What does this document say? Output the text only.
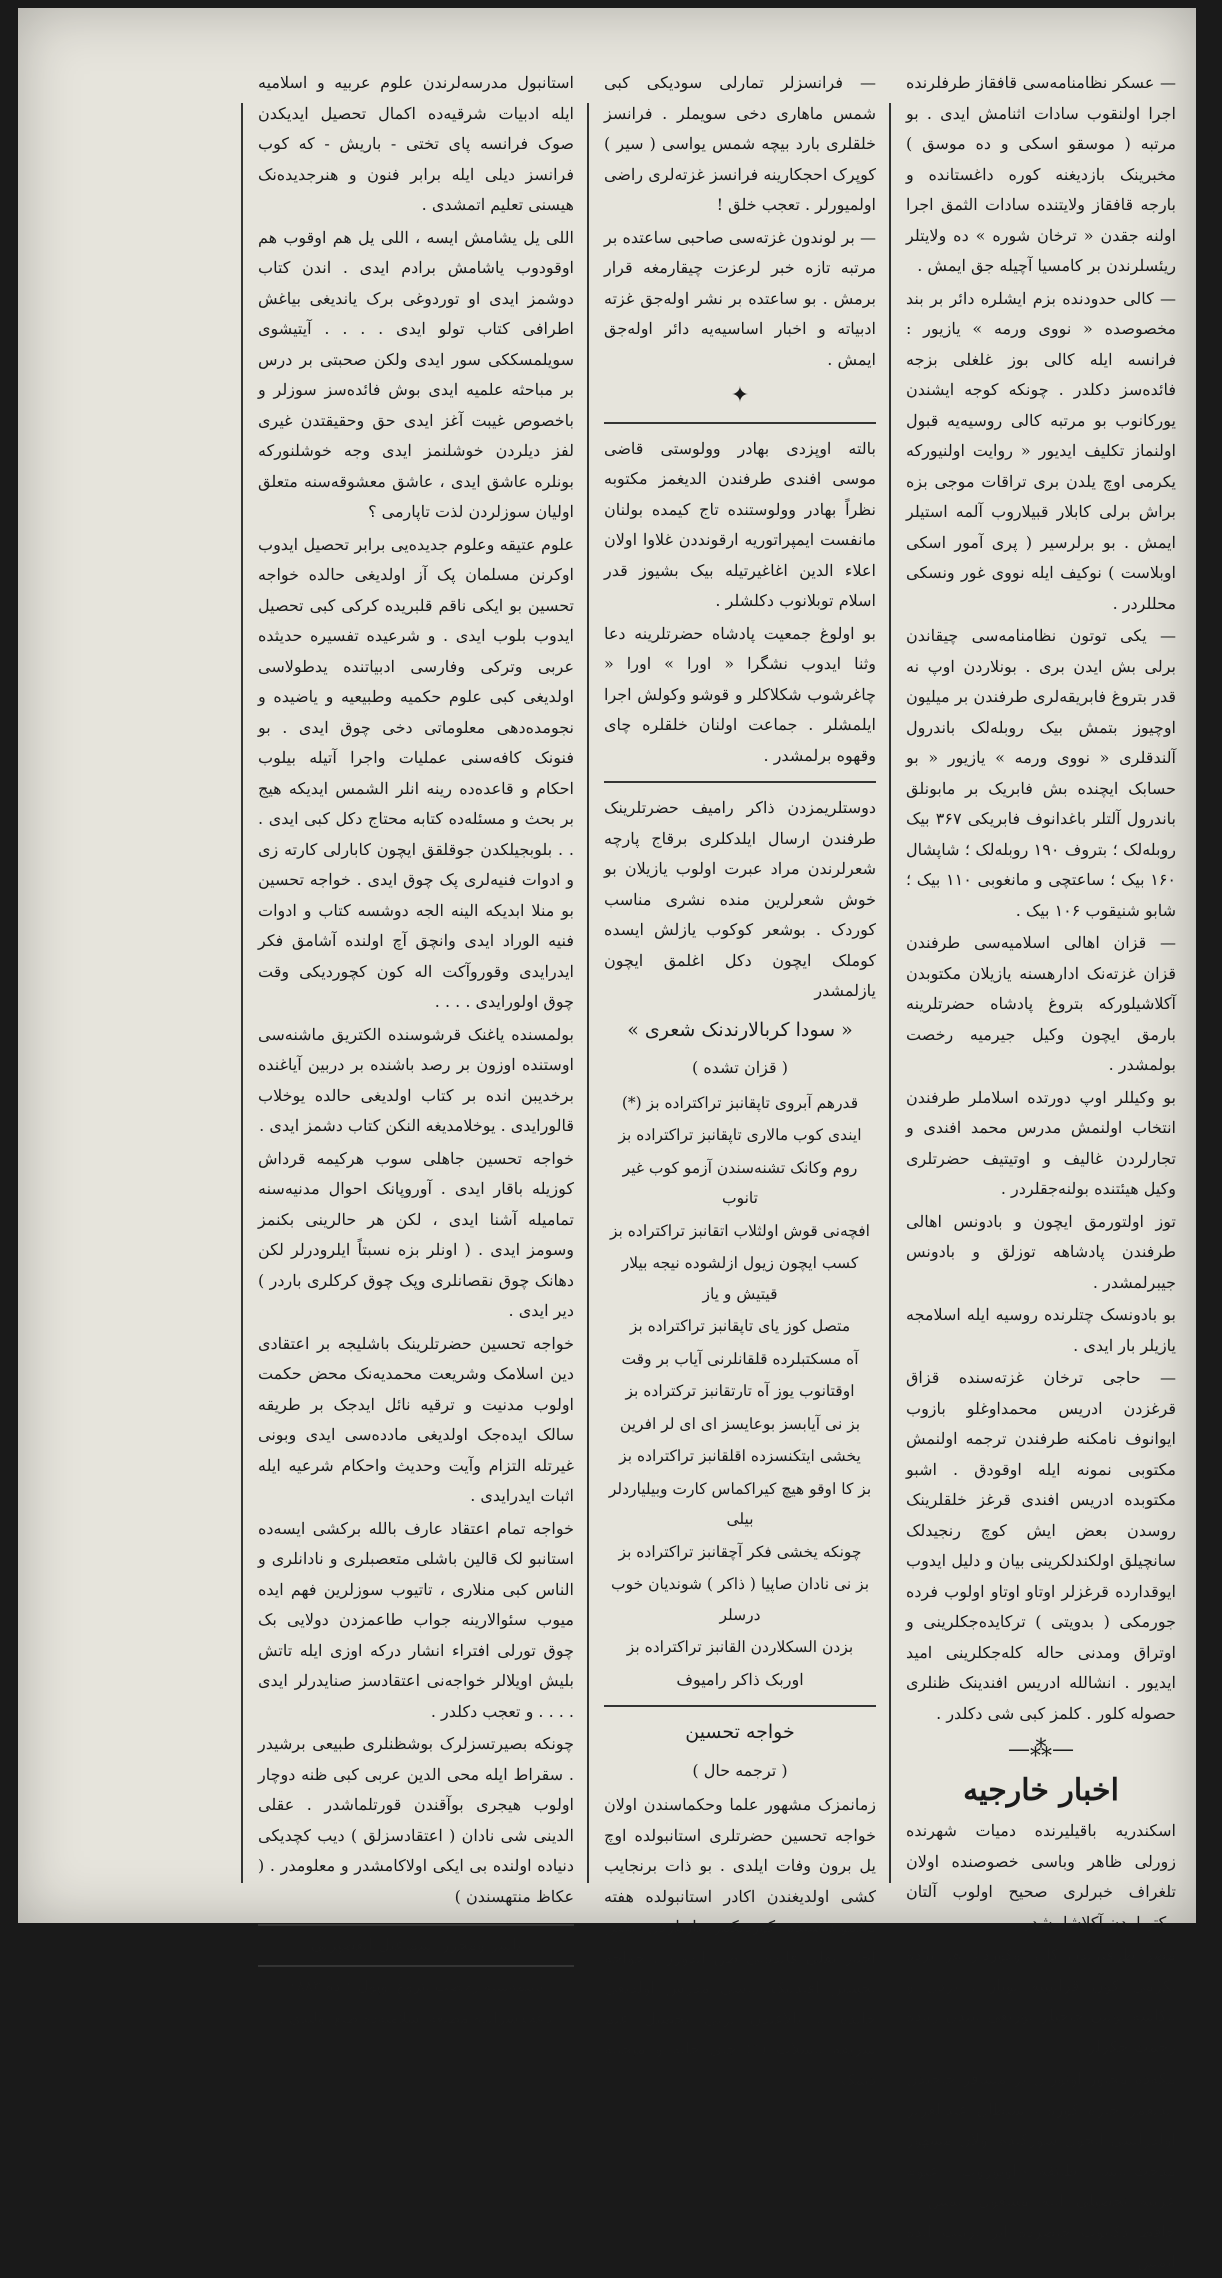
— عسکر نظامنامه‌سی قافقاز طرفلرنده اجرا اولنقوب سادات اثنامش ایدی . بو مرتبه ( موسقو اسکی و ده موسق ) مخبرینک بازدیغنه کوره داغستانده و بارجه قافقاز ولایتنده سادات الثمق اجرا اولنه جقدن « ترخان شوره » ده ولایتلر ریئسلرندن بر کامسیا آچیله جق ایمش .

— کالی حدودنده بزم ایشلره دائر بر بند مخصوصده « نووی ورمه » یازیور : فرانسه ایله کالی بوز غلغلی بزجه فائده‌سز دکلدر . چونکه کوجه ایشندن یورکانوب بو مرتبه کالی روسیه‌یه قبول اولنماز تکلیف ایدیور « روایت اولنیورکه یکرمی اوچ یلدن بری تراقات موجی بزه براش برلی کابلار قبیلاروب آلمه استیلر ایمش . بو برلرسیر ( پری آمور اسکی اوبلاست ) نوکیف ایله نووی غور ونسکی محللردر .

— یکی توتون نظامنامه‌سی چیقاندن برلی بش ایدن بری . بونلاردن اوپ نه قدر بتروغ فابریقه‌لری طرفندن بر میلیون اوچیوز بتمش بیک روبله‌لک باندرول آلندقلری « نووی ورمه » یازیور « بو حسابک ایچنده بش فابریک بر مابونلق باندرول آلتلر باغدانوف فابریکی ۳۶۷ بیک روبله‌لک ؛ بتروف ۱۹۰ روبله‌لک ؛ شاپشال ۱۶۰ بیک ؛ ساعتچی و مانغوبی ۱۱۰ بیک ؛ شابو شنیقوب ۱۰۶ بیک .

— قزان اهالی اسلامیه‌سی طرفندن قزان غزته‌نک ادارهسنه یازیلان مکتوبدن آکلاشیلورکه بتروغ پادشاه حضرتلرینه بارمق ایچون وکیل جیرمیه رخصت بولمشدر .

بو وکیللر اوپ دورتده اسلاملر طرفندن انتخاب اولنمش مدرس محمد افندی و تجارلردن غالیف و اوتیتیف حضرتلری وکیل هیئتنده بولنه‌جقلردر .

توز اولتورمق ایچون و بادونس اهالی طرفندن پادشاهه توزلق و بادونس جیبرلمشدر .

بو بادونسک چتلرنده روسیه ایله اسلامجه یازیلر بار ایدی .

— حاجی ترخان غزته‌سنده قزاق قرغزدن ادریس محمداوغلو بازوب ایوانوف نامکنه طرفندن ترجمه اولنمش مکتوبی نمونه ایله اوقودق . اشبو مکتوبده ادریس افندی قرغز خلقلرینک روسدن بعض ایش کوچ رنجیدلک سانچیلق اولکندلکرینی بیان و دلیل ایدوب ایوقدارده قرغزلر اوتاو اوتاو اولوب فرده جورمکی ( بدویتی ) ترکایده‌جکلرینی و اوتراق ومدنی حاله کله‌جکلرینی امید ایدیور . انشالله ادریس افندینک ظنلری حصوله کلور . کلمز کبی شی دکلدر .

—⁂—
اخبار خارجیه

اسکندریه باقیلیرنده دمیات شهرنده زورلی ظاهر وباسی خصوصنده اولان تلغراف خبرلری صحیح اولوب آلتان مکتوبلردن آکلاشلمشدر .

مصر طرفلرندن کان اوکوردار هر پرده یکرمی کون قرانتینه توتار . تزدن و باکاسه بولیل حاجیلر یورنغی پیلدن زیاده زحمت چکرلر .

مکه‌ده مجاور اوتوران بر مسافر حاجیدن آلدیغمز خبره کوره ، سلطان عبدالعزیز اولدرلسی ایچون سورکنده اولان مشهور مدحت پاشا « طائفه » اوتوروب « علوم عربیه تحصیلی ایله مشغول ایمش » حافظ دکانوب حاضرده اثر ترتیب ایده ایمش .

— فرانسزلر تمارلی سودیکی کبی شمس ماهاری دخی سویملر . فرانسز خلقلری بارد بیچه شمس یواسی ( سیر ) کوپرک احجکارینه فرانسز غزته‌لری راضی اولمیورلر . تعجب خلق !

— بر لوندون غزته‌سی صاحبی ساعتده بر مرتبه تازه خبر لرعزت چیقارمغه قرار برمش . بو ساعتده بر نشر اوله‌جق غزته ادبیاته و اخبار اساسیه‌یه دائر اوله‌جق ایمش .

✦

بالته اوپزدی بهادر وولوستی قاضی موسی افندی طرفندن الدیغمز مکتوبه نظراً بهادر وولوستنده تاج کیمده بولنان مانفست ایمپراتوریه ارقونددن غلاوا اولان اعلاء الدین اغاغیرتیله بیک بشیوز قدر اسلام توبلانوب دکلشلر .

بو اولوغ جمعیت پادشاه حضرتلرینه دعا وثنا ایدوب نشگرا « اورا » اورا « چاغرشوب شکلاکلر و قوشو وکولش اجرا ایلمشلر . جماعت اولنان خلقلره چای وقهوه برلمشدر .

دوستلریمزدن ذاکر رامیف حضرتلرینک طرفندن ارسال ایلدکلری برقاج پارچه شعرلرندن مراد عبرت اولوب یازیلان بو خوش شعرلرین منده نشری مناسب کوردک . بوشعر کوکوب یازلش ایسده کوملک ایچون دکل اغلمق ایچون یازلمشدر

« سودا کربالارندنک شعری »
( قزان تشده )

قدرهم آبروی تاپقانبز تراکتراده بز (*)

ایندی کوب مالاری تاپقانبز تراکتراده بز

روم وکانک تشنه‌سندن آزمو کوب غیر تانوب

افچه‌نی قوش اولثلاب اتقانبز تراکتراده بز

کسب ایچون زیول ازلشوده نیجه بیلار قیتیش و یاز

متصل کوز یای تاپقانبز تراکتراده بز

آه مسکتبلرده قلقانلرنی آیاب بر وقت

اوقتانوب یوز آه تارتقانبز ترکتراده بز

بز نی آیابسز بوعایسز ای ای لر افرین

یخشی ایتکنسزده اقلقانبز تراکتراده بز

بز کا اوقو هیچ کیراکماس کارت وبیلیاردلر بیلی

چونکه یخشی فکر آچقانبز تراکتراده بز

بز نی نادان صاپیا ( ذاکر ) شوندیان خوب درسلر

بزدن السکلاردن القانبز تراکتراده بز

اوربک ذاکر رامیوف
خواجه تحسین
( ترجمه حال )

زمانمزک مشهور علما وحکماسندن اولان خواجه تحسین حضرتلری استانبولده اوچ یل برون وفات ایلدی . بو ذات برنجایب کشی اولدیغندن اکادر استانبولده هفته مجموعه‌سنده کوردیکمز یازیلردن بعض اخبار نقلی فائده‌لی ظن ایدورز . خواجه تحسین افندینک اناسی مدرس اولدیغی حالده تا بالاغندن برلی تحصیل علم شریفه باشلاب (*) چای خانه و میخانه دیمک

استانبول مدرسه‌لرندن علوم عربیه و اسلامیه ایله ادبیات شرقیه‌ده اکمال تحصیل ایدیکدن صوک فرانسه پای تختی - باریش - که کوب فرانسز دیلی ایله برابر فنون و هنرجدیده‌نک هیسنی تعلیم اتمشدی .

اللی یل یشامش ایسه ، اللی یل هم اوقوب هم اوقودوب یاشامش برادم ایدی . اندن کتاب دوشمز ایدی او توردوغی برک یاندیغی بیاغش اطرافی کتاب تولو ایدی . . . . آیتیشوی سویلمسککی سور ایدی ولکن صحبتی بر درس بر مباحثه علمیه ایدی بوش فائده‌سز سوزلر و باخصوص غیبت آغز ایدی حق وحقیقتدن غیری لفز دیلردن خوشلنمز ایدی وجه خوشلنورکه بونلره عاشق ایدی ، عاشق معشوقه‌سنه متعلق اولیان سوزلردن لذت تاپارمی ؟

علوم عتیقه وعلوم جدیده‌یی برابر تحصیل ایدوب اوکرنن مسلمان پک آز اولدیغی حالده خواجه تحسین بو ایکی ناقم قلبریده کرکی کبی تحصیل ایدوب بلوب ایدی . و شرعیده تفسیره حدیثده عربی وترکی وفارسی ادبیاتنده یدطولاسی اولدیغی کبی علوم حکمیه وطبیعیه و یاضیده و نجومده‌دهی معلوماتی دخی چوق ایدی . بو فنونک کافه‌سنی عملیات واجرا آتیله بیلوب احکام و قاعده‌ده رینه انلر الشمس ایدیکه هیج بر بحث و مسئله‌ده کتابه محتاج دکل کبی ایدی . . . بلوبجیلکدن جوقلقق ایچون کابارلی کارته زی و ادوات فنیه‌لری پک چوق ایدی . خواجه تحسین بو منلا ابدیکه الینه الجه دوشسه کتاب و ادوات فنیه الوراد ایدی وانچق آچ اولنده آشامق فکر ایدرایدی وقوروآکت اله کون کچوردیکی وقت چوق اولورایدی . . . .

بولمسنده یاغنک قرشوسنده الکتریق ماشنه‌سی اوستنده اوزون بر رصد باشنده بر دربین آیاغنده برخدیبن انده بر کتاب اولدیغی حالده یوخلاب قالورایدی . یوخلامدیغه النکن کتاب دشمز ایدی .

خواجه تحسین جاهلی سوب هرکیمه قرداش کوزیله باقار ایدی . آوروپانک احوال مدنیه‌سنه تمامیله آشنا ایدی ، لکن هر حالرینی بکنمز وسومز ایدی . ( اونلر بزه نسبتاً ایلرودرلر لکن دهانک چوق نقصانلری وپک چوق کرکلری باردر ) دیر ایدی .

خواجه تحسین حضرتلرینک باشلیجه بر اعتقادی دین اسلامک وشریعت محمدیه‌نک محض حکمت اولوب مدنیت و ترقیه نائل ایدجک بر طریقه سالک ایده‌جک اولدیغی مادده‌سی ایدی وبونی غیرتله التزام وآیت وحدیث واحکام شرعیه ایله اثبات ایدرایدی .

خواجه تمام اعتقاد عارف بالله برکشی ایسه‌ده استانبو لک قالین باشلی متعصبلری و نادانلری و الناس کبی منلاری ، تاتیوب سوزلرین فهم ایده میوب سئوالارینه جواب طاعمزدن دولایی بک چوق تورلی افتراء انشار درکه اوزی ایله تاتش بلیش اویلالر خواجه‌نی اعتقادسز صنایدرلر ایدی . . . . و تعجب دکلدر .

چونکه بصیرتسزلرک بوشظنلری طبیعی برشیدر . سقراط ایله محی الدین عربی کبی ظنه دوچار اولوب هیجری بوآقندن قورتلماشدر . عقلی الدینی شی نادان ( اعتقادسزلق ) دیب کچدیکی دنیاده اولنده بی ایکی اولاکامشدر و معلومدر . ( عکاظ منتهسندن )

ناشر ومحرر اسماعیل الغصپرنی
باتلمه‌سنه رخصت بتروغ اوپول ۱ ده ۱۸۸۳
باغچه‌سرایده مطبعه اسلامیه‌ده طبع اولندی .
